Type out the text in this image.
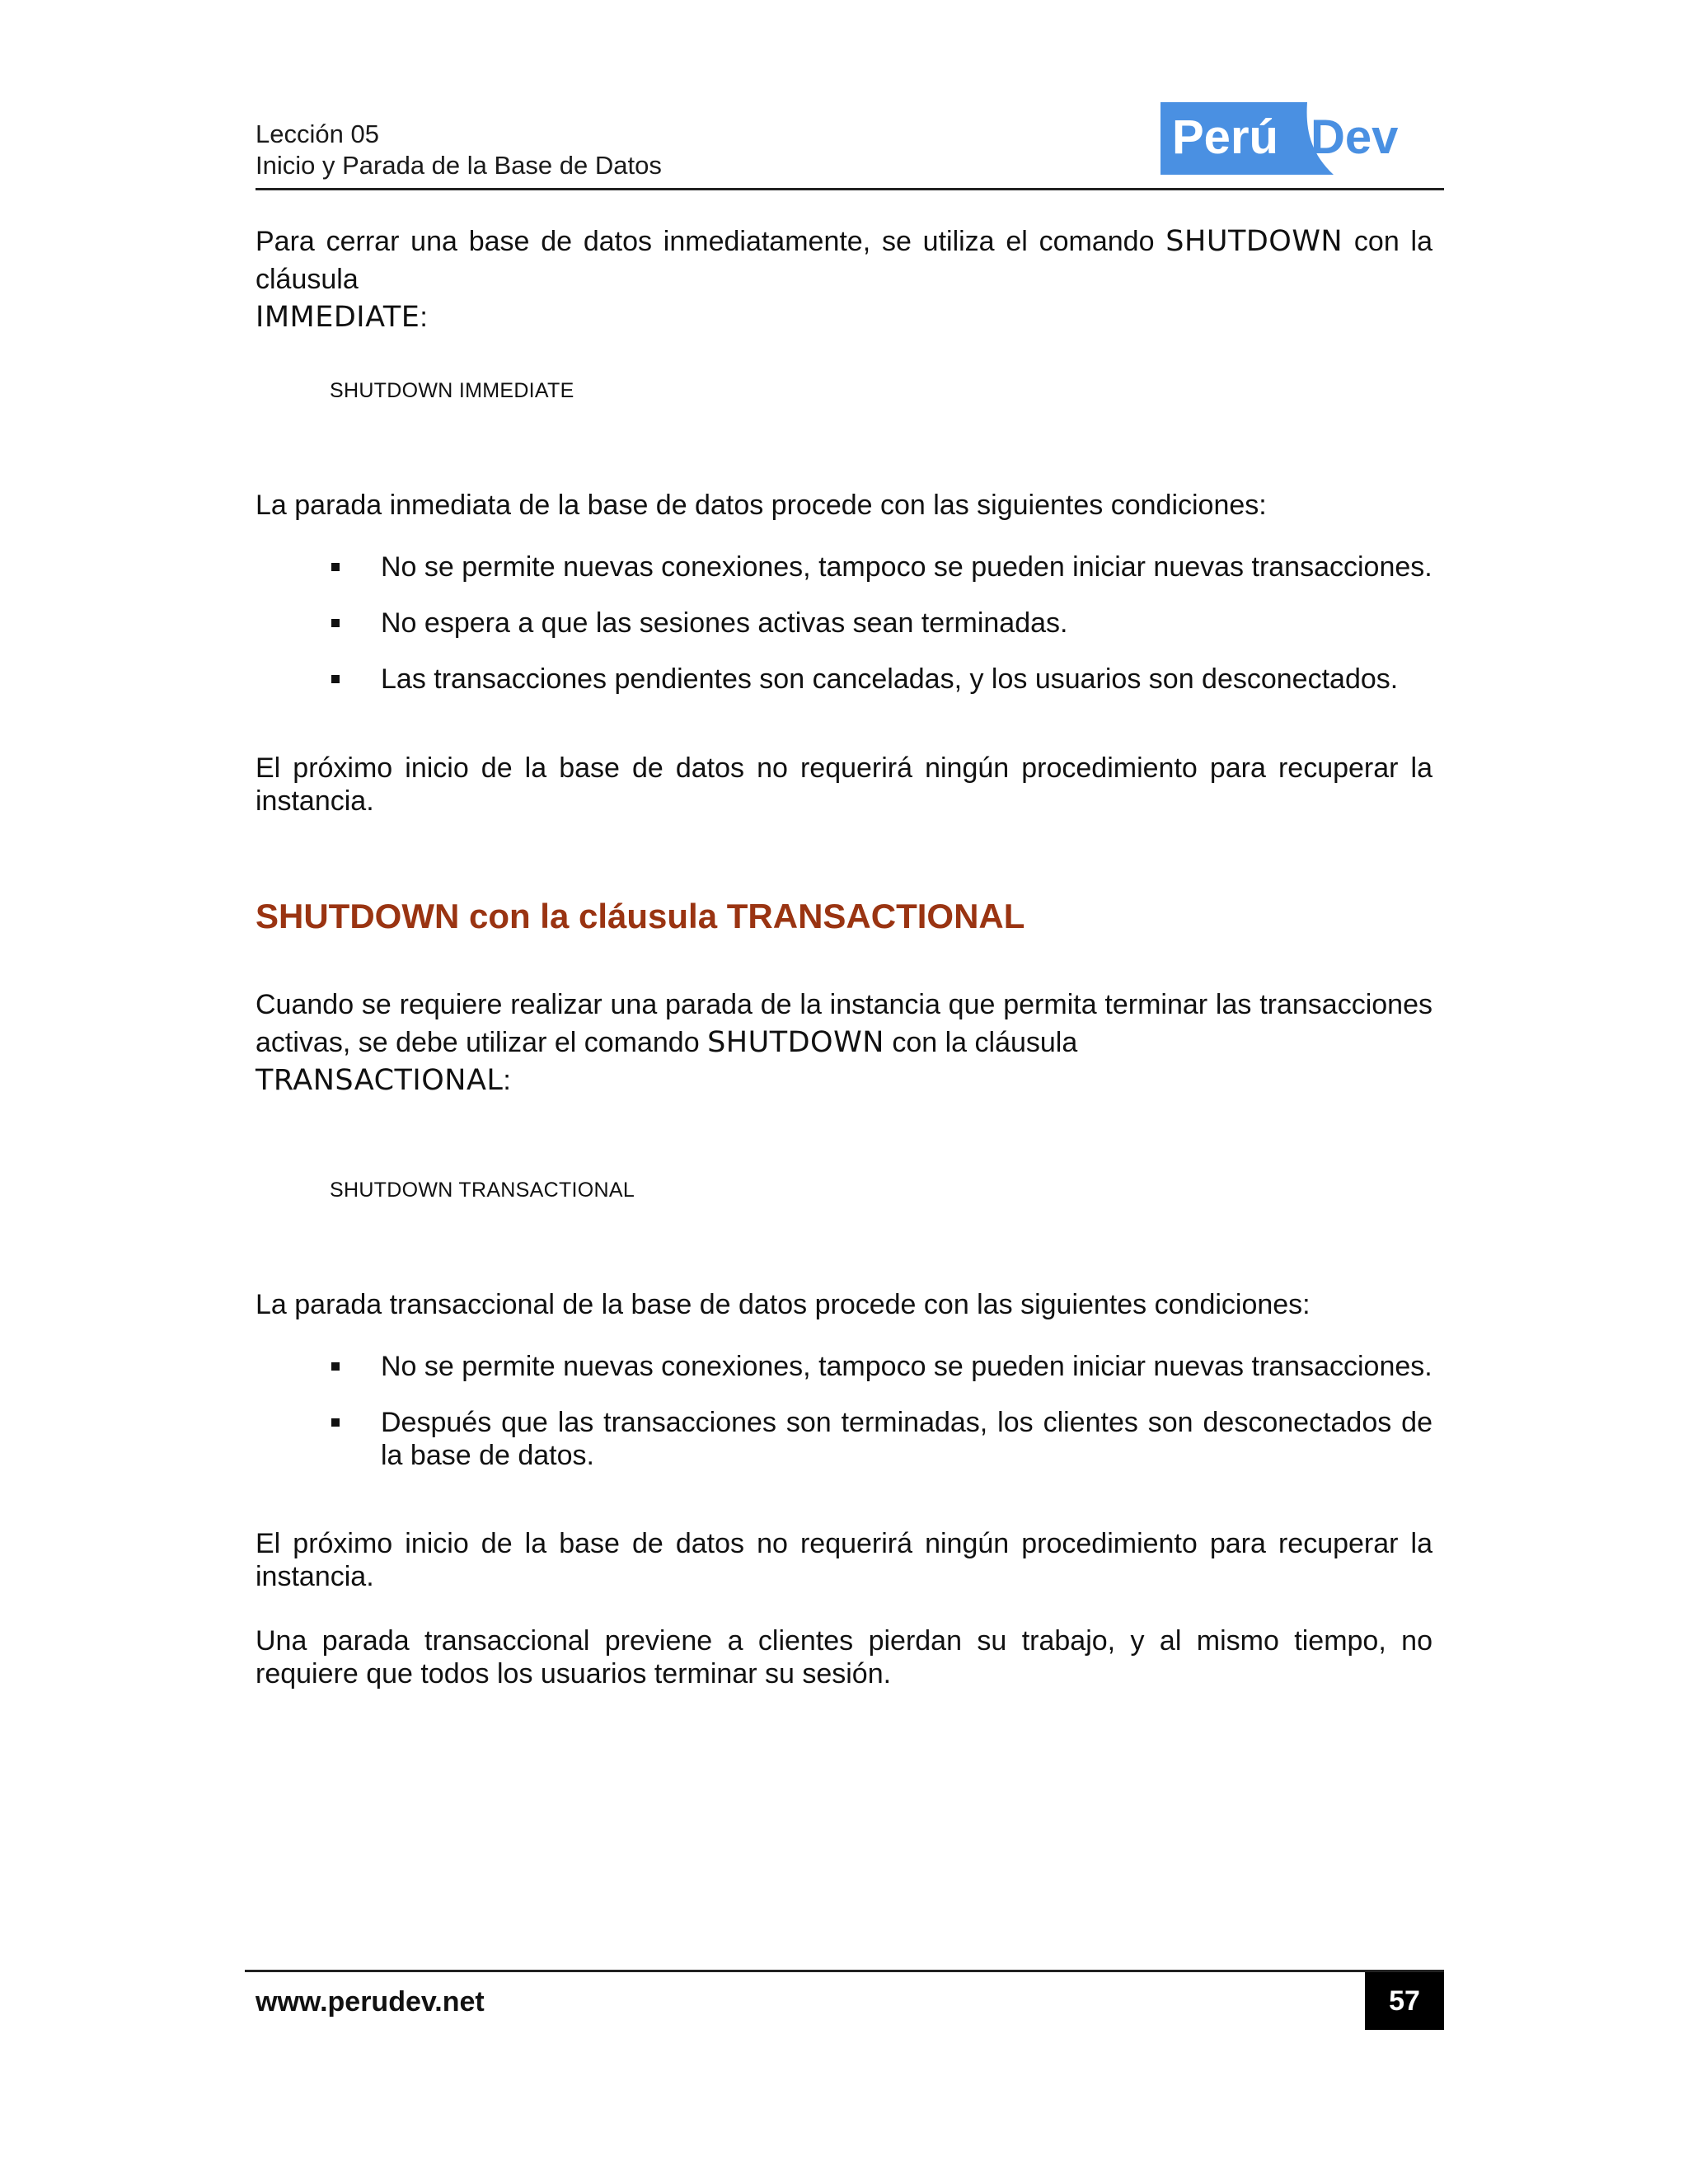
Lección 05
Inicio y Parada de la Base de Datos
Perú Dev
Para cerrar una base de datos inmediatamente, se utiliza el comando SHUTDOWN con la cláusula
IMMEDIATE:
SHUTDOWN IMMEDIATE
La parada inmediata de la base de datos procede con las siguientes condiciones:
No se permite nuevas conexiones, tampoco se pueden iniciar nuevas transacciones.
No espera a que las sesiones activas sean terminadas.
Las transacciones pendientes son canceladas, y los usuarios son desconectados.
El próximo inicio de la base de datos no requerirá ningún procedimiento para recuperar la instancia.
SHUTDOWN con la cláusula TRANSACTIONAL
Cuando se requiere realizar una parada de la instancia que permita terminar las transacciones activas, se debe utilizar el comando SHUTDOWN con la cláusula
TRANSACTIONAL:
SHUTDOWN TRANSACTIONAL
La parada transaccional de la base de datos procede con las siguientes condiciones:
No se permite nuevas conexiones, tampoco se pueden iniciar nuevas transacciones.
Después que las transacciones son terminadas, los clientes son desconectados de la base de datos.
El próximo inicio de la base de datos no requerirá ningún procedimiento para recuperar la instancia.
Una parada transaccional previene a clientes pierdan su trabajo, y al mismo tiempo, no requiere que todos los usuarios terminar su sesión.
www.perudev.net	57
